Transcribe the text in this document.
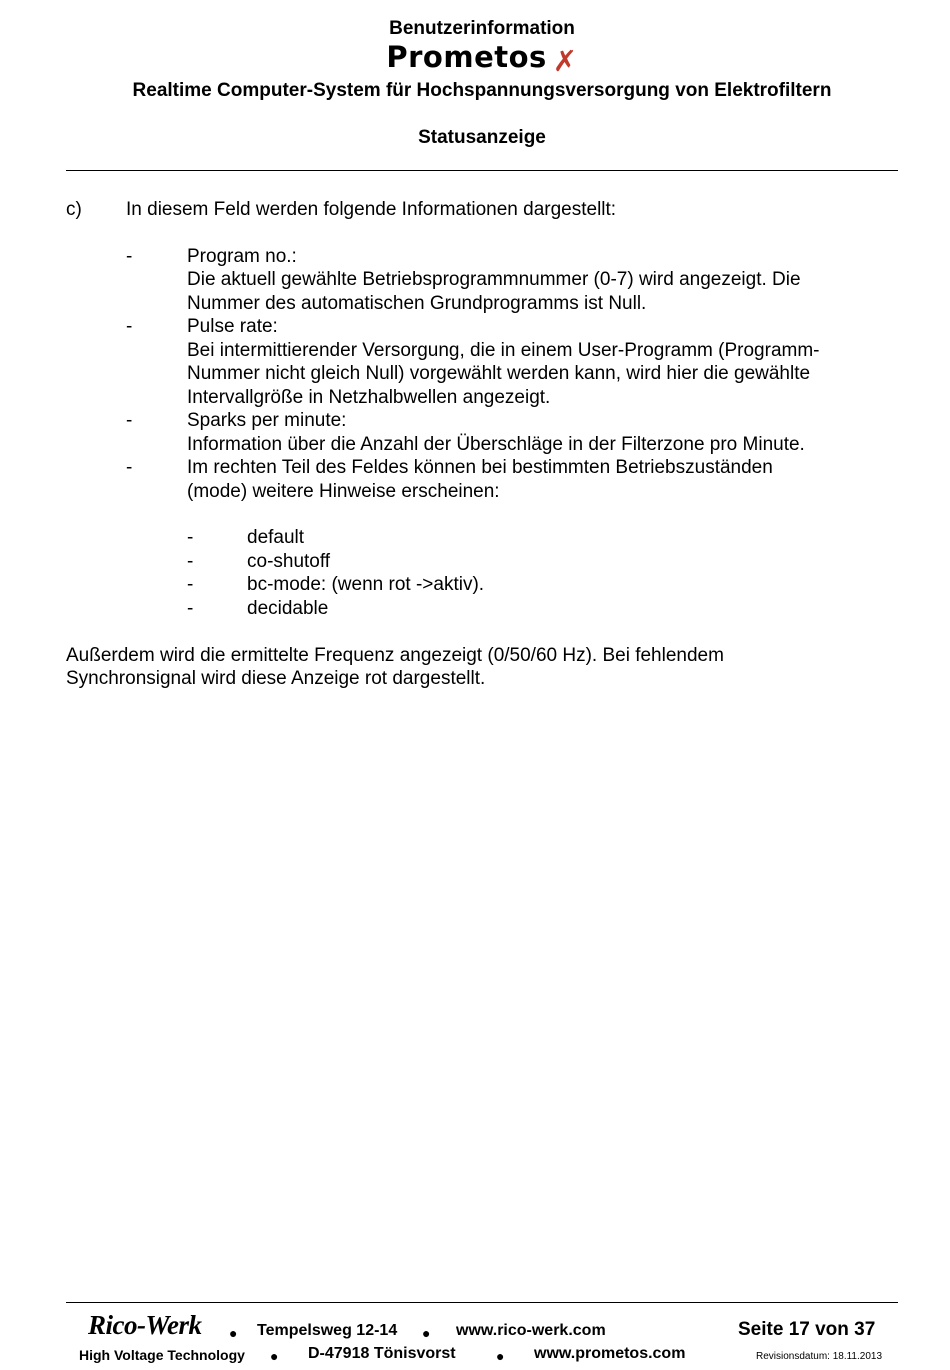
Benutzerinformation
Prometos ✗
Realtime Computer-System für Hochspannungsversorgung von Elektrofiltern
Statusanzeige
c) In diesem Feld werden folgende Informationen dargestellt:
-	Program no.:
Die aktuell gewählte Betriebsprogrammnummer (0-7) wird angezeigt. Die
Nummer des automatischen Grundprogramms ist Null.
-	Pulse rate:
Bei intermittierender Versorgung, die in einem User-Programm (Programm-
Nummer nicht gleich Null) vorgewählt werden kann, wird hier die gewählte
Intervallgröße in Netzhalbwellen angezeigt.
-	Sparks per minute:
Information über die Anzahl der Überschläge in der Filterzone pro Minute.
-	Im rechten Teil des Feldes können bei bestimmten Betriebszuständen
(mode) weitere Hinweise erscheinen:
-	default
-	co-shutoff
-	bc-mode: (wenn rot ->aktiv).
-	decidable
Außerdem wird die ermittelte Frequenz angezeigt (0/50/60 Hz). Bei fehlendem
Synchronsignal wird diese Anzeige rot dargestellt.
Rico-Werk ● Tempelsweg 12-14 ● www.rico-werk.com	Seite 17 von 37
High Voltage Technology ● D-47918 Tönisvorst	● www.prometos.com	Revisionsdatum: 18.11.2013
